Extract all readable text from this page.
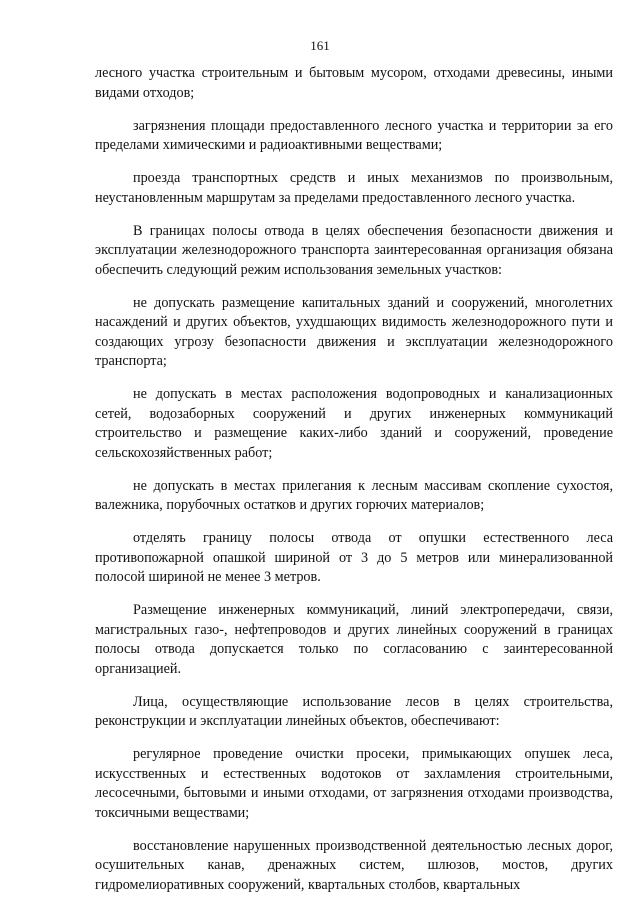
161

лесного участка строительным и бытовым мусором, отходами древесины, иными видами отходов;

загрязнения площади предоставленного лесного участка и территории за его пределами химическими и радиоактивными веществами;

проезда транспортных средств и иных механизмов по произвольным, неустановленным маршрутам за пределами предоставленного лесного участка.

В границах полосы отвода в целях обеспечения безопасности движения и эксплуатации железнодорожного транспорта заинтересованная организация обязана обеспечить следующий режим использования земельных участков:

не допускать размещение капитальных зданий и сооружений, многолетних насаждений и других объектов, ухудшающих видимость железнодорожного пути и создающих угрозу безопасности движения и эксплуатации железнодорожного транспорта;

не допускать в местах расположения водопроводных и канализационных сетей, водозаборных сооружений и других инженерных коммуникаций строительство и размещение каких-либо зданий и сооружений, проведение сельскохозяйственных работ;

не допускать в местах прилегания к лесным массивам скопление сухостоя, валежника, порубочных остатков и других горючих материалов;

отделять границу полосы отвода от опушки естественного леса противопожарной опашкой шириной от 3 до 5 метров или минерализованной полосой шириной не менее 3 метров.

Размещение инженерных коммуникаций, линий электропередачи, связи, магистральных газо-, нефтепроводов и других линейных сооружений в границах полосы отвода допускается только по согласованию с заинтересованной организацией.

Лица, осуществляющие использование лесов в целях строительства, реконструкции и эксплуатации линейных объектов, обеспечивают:

регулярное проведение очистки просеки, примыкающих опушек леса, искусственных и естественных водотоков от захламления строительными, лесосечными, бытовыми и иными отходами, от загрязнения отходами производства, токсичными веществами;

восстановление нарушенных производственной деятельностью лесных дорог, осушительных канав, дренажных систем, шлюзов, мостов, других гидромелиоративных сооружений, квартальных столбов, квартальных
